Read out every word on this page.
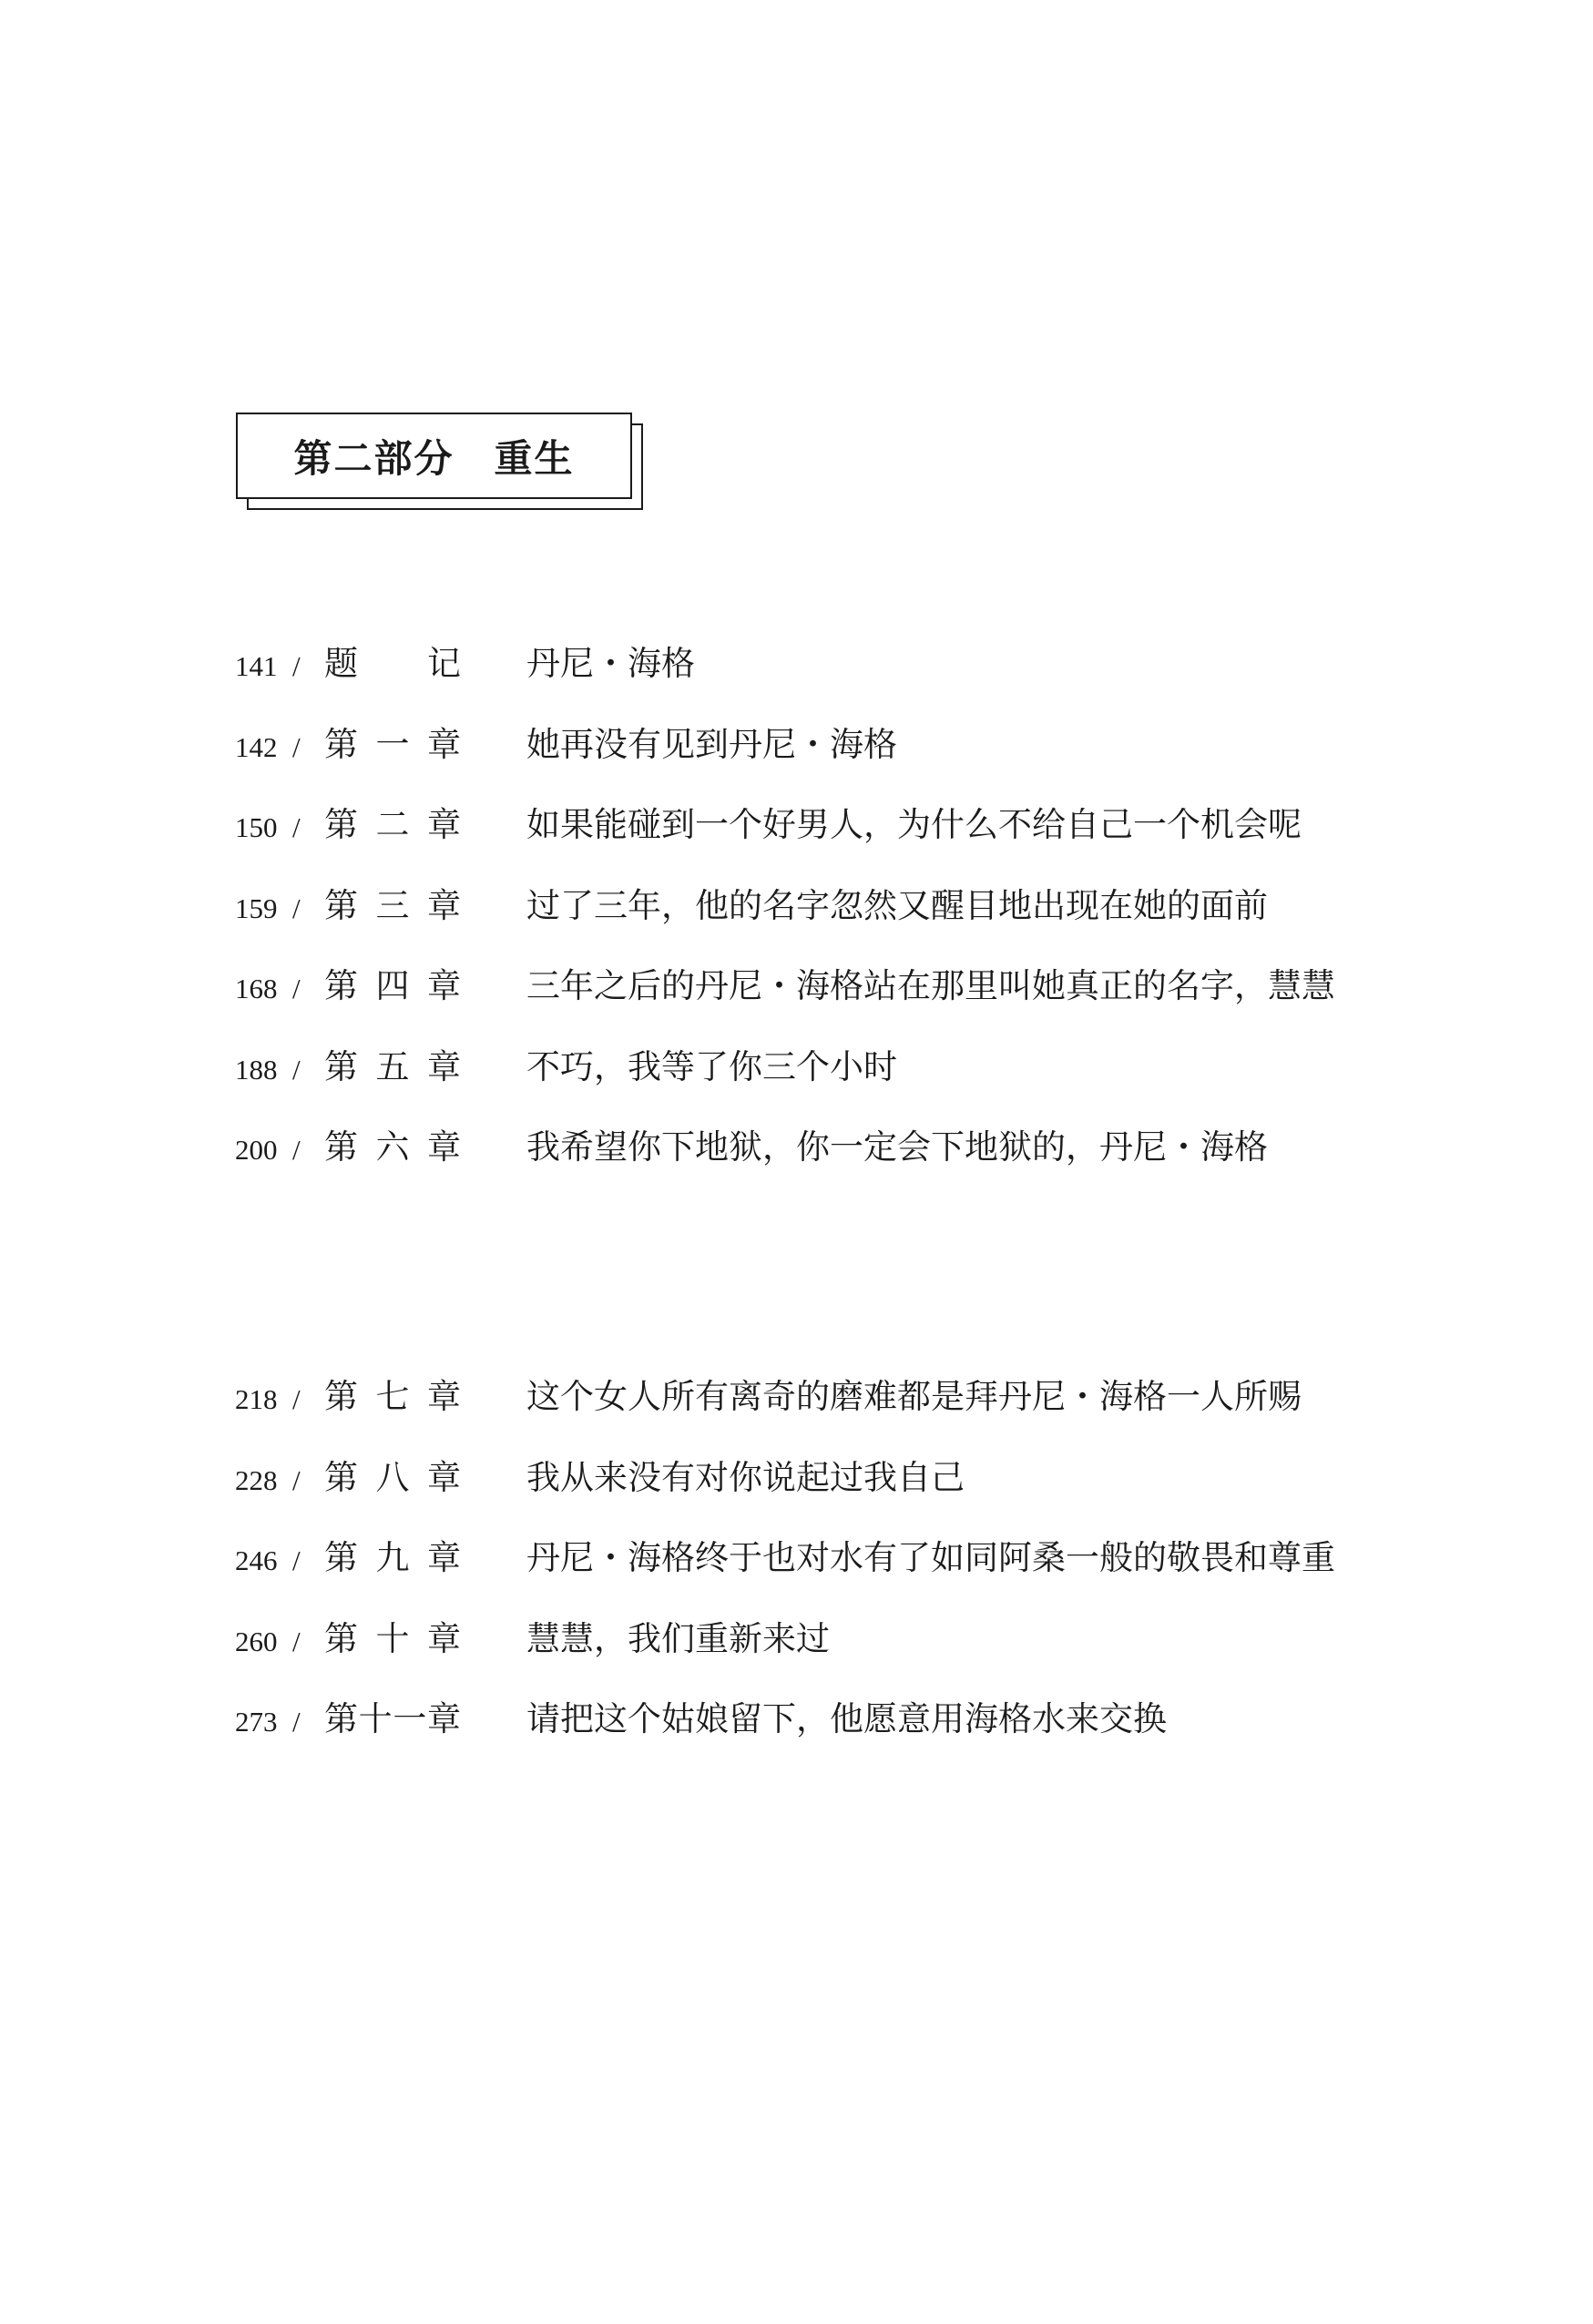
第二部分　重生
141 / 题记 丹尼・海格
142 / 第一章 她再没有见到丹尼・海格
150 / 第二章 如果能碰到一个好男人，为什么不给自己一个机会呢
159 / 第三章 过了三年，他的名字忽然又醒目地出现在她的面前
168 / 第四章 三年之后的丹尼・海格站在那里叫她真正的名字，慧慧
188 / 第五章 不巧，我等了你三个小时
200 / 第六章 我希望你下地狱，你一定会下地狱的，丹尼・海格
218 / 第七章 这个女人所有离奇的磨难都是拜丹尼・海格一人所赐
228 / 第八章 我从来没有对你说起过我自己
246 / 第九章 丹尼・海格终于也对水有了如同阿桑一般的敬畏和尊重
260 / 第十章 慧慧，我们重新来过
273 / 第十一章 请把这个姑娘留下，他愿意用海格水来交换
